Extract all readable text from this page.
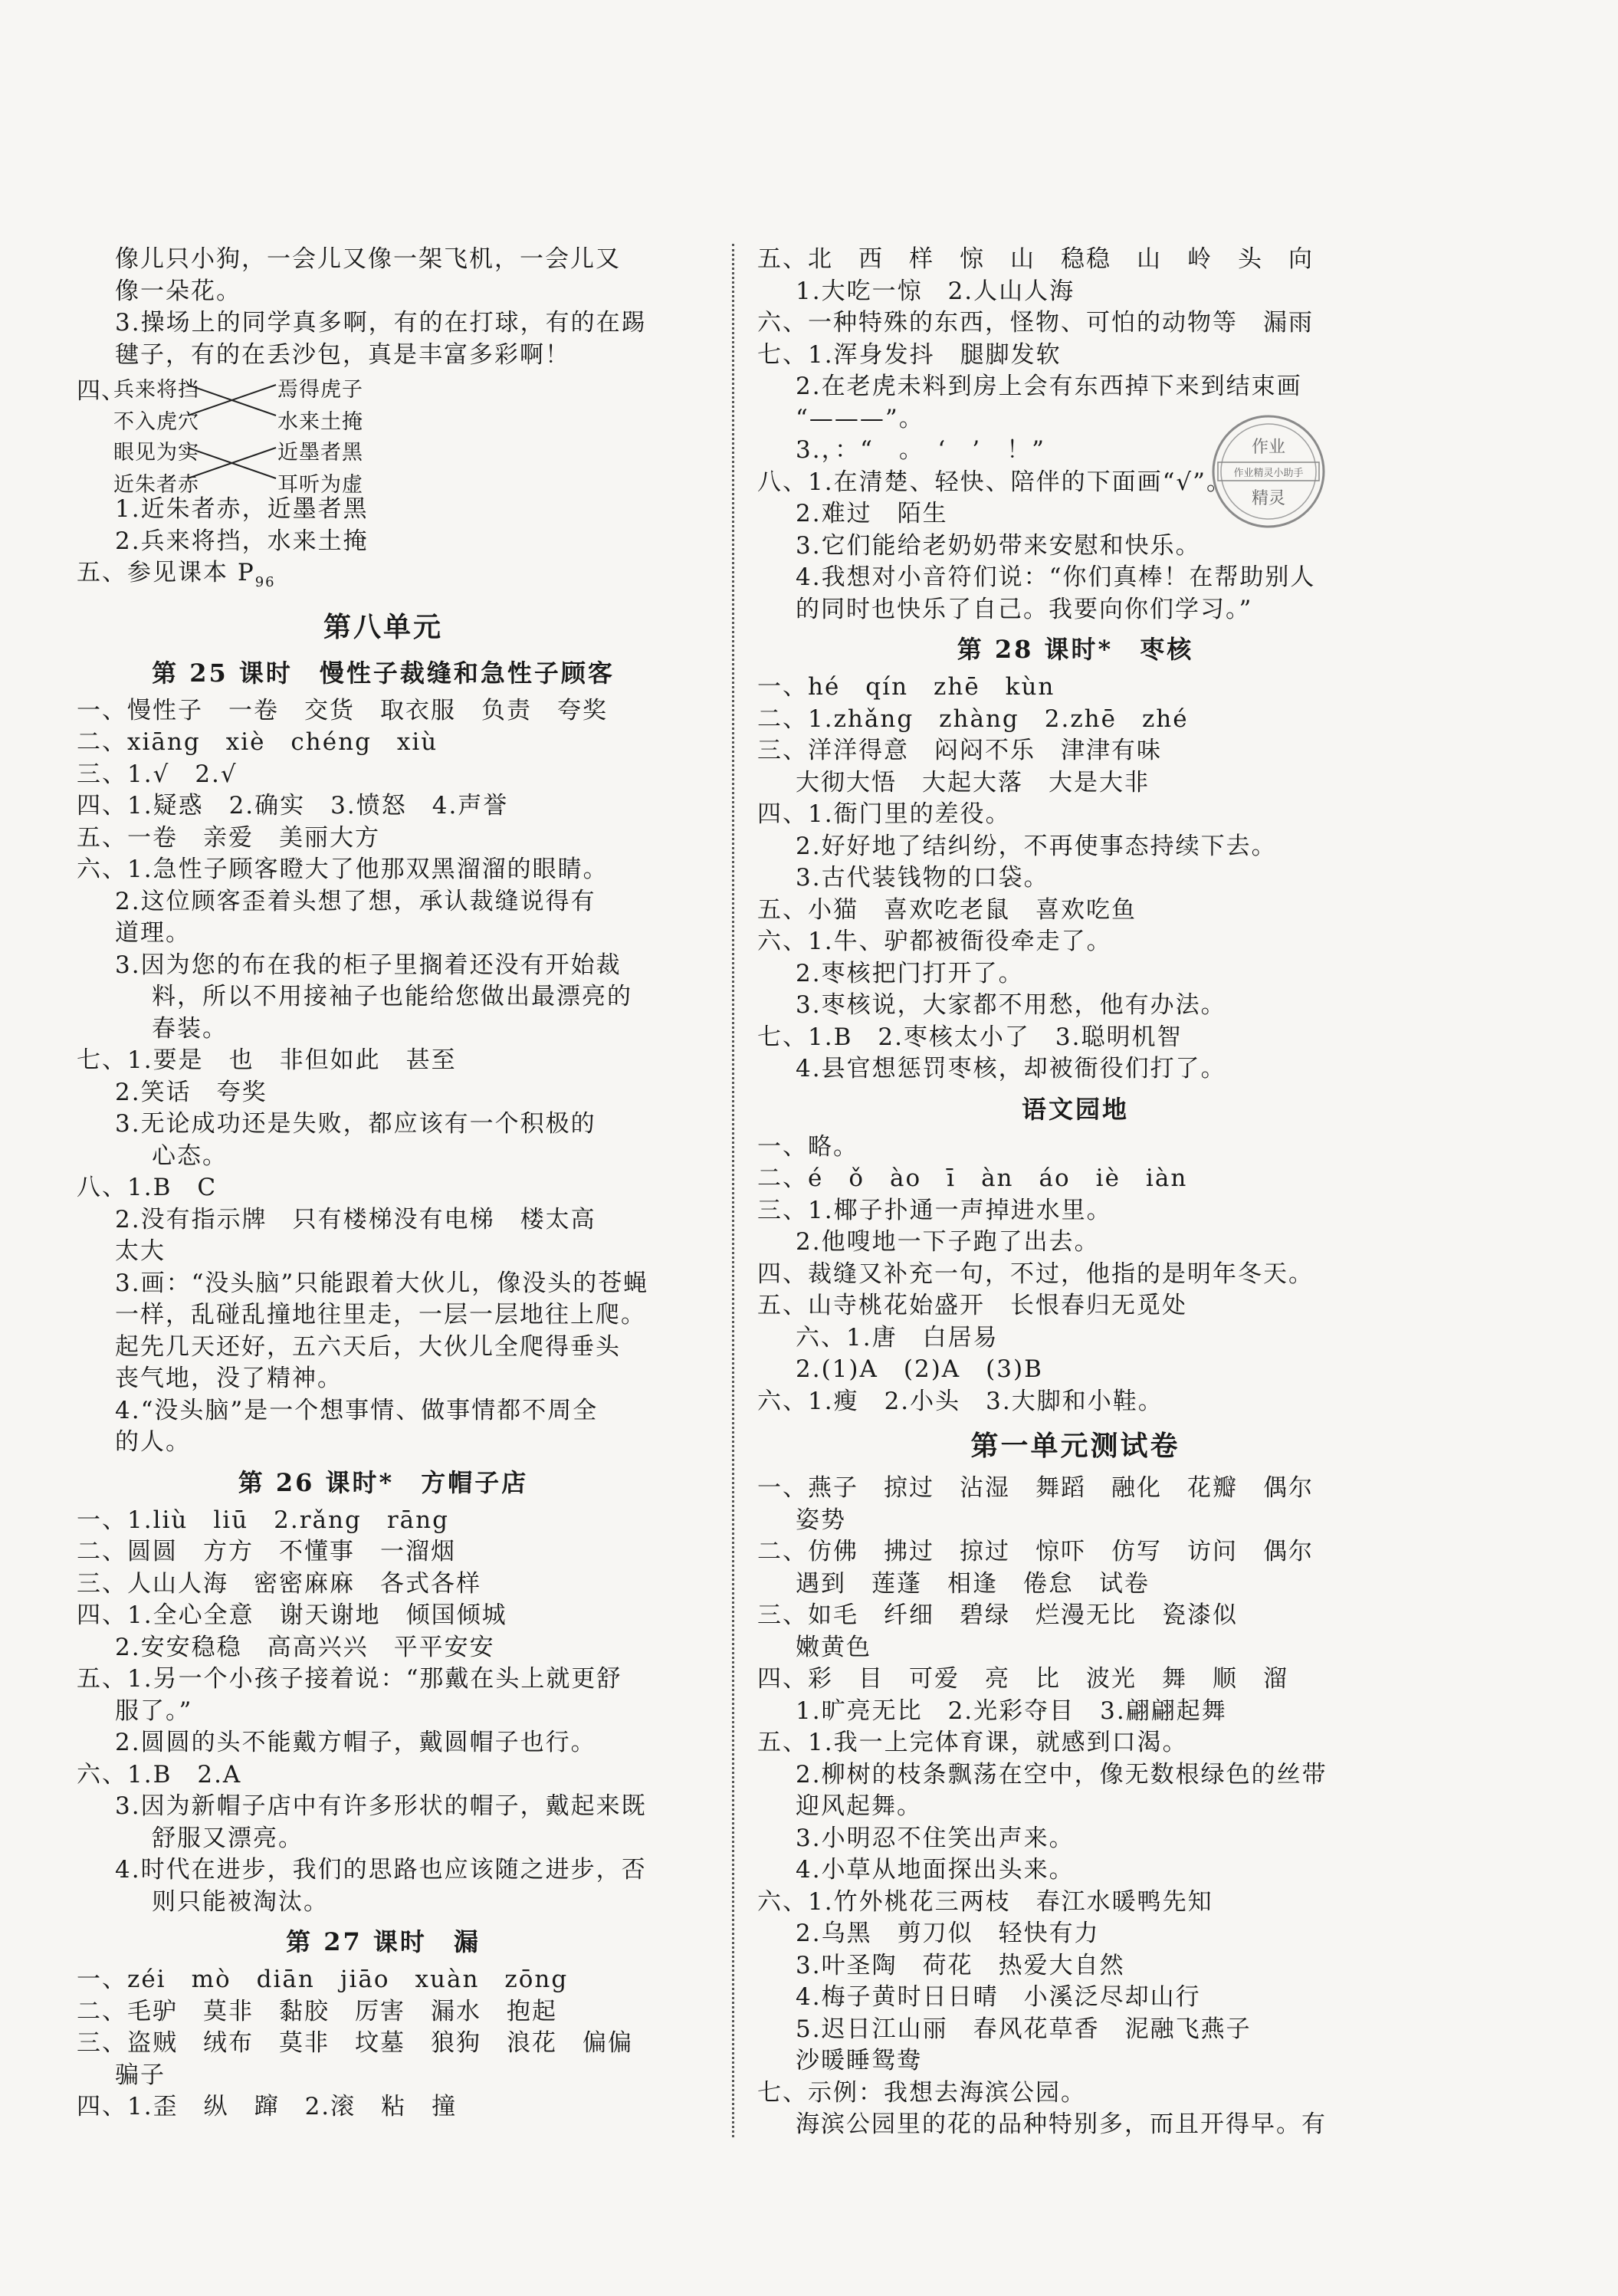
像儿只小狗，一会儿又像一架飞机，一会儿又
像一朵花。
3.操场上的同学真多啊，有的在打球，有的在踢
毽子，有的在丢沙包，真是丰富多彩啊！
四、
兵来将挡
不入虎穴
焉得虎子
水来土掩
眼见为实
近朱者赤
近墨者黑
耳听为虚
1.近朱者赤，近墨者黑
2.兵来将挡，水来土掩
五、参见课本 $P_{96}$
第八单元
第 25 课时　慢性子裁缝和急性子顾客
一、慢性子　一卷　交货　取衣服　负责　夸奖
二、xiāng　xiè　chéng　xiù
三、1.√　2.√
四、1.疑惑　2.确实　3.愤怒　4.声誉
五、一卷　亲爱　美丽大方
六、1.急性子顾客瞪大了他那双黑溜溜的眼睛。
2.这位顾客歪着头想了想，承认裁缝说得有
道理。
3.因为您的布在我的柜子里搁着还没有开始裁
料，所以不用接袖子也能给您做出最漂亮的
春装。
七、1.要是　也　非但如此　甚至
2.笑话　夸奖
3.无论成功还是失败，都应该有一个积极的
心态。
八、1.B　C
2.没有指示牌　只有楼梯没有电梯　楼太高
太大
3.画：“没头脑”只能跟着大伙儿，像没头的苍蝇
一样，乱碰乱撞地往里走，一层一层地往上爬。
起先几天还好，五六天后，大伙儿全爬得垂头
丧气地，没了精神。
4.“没头脑”是一个想事情、做事情都不周全
的人。
第 26 课时*　方帽子店
一、1.liù　liū　2.rǎng　rāng
二、圆圆　方方　不懂事　一溜烟
三、人山人海　密密麻麻　各式各样
四、1.全心全意　谢天谢地　倾国倾城
2.安安稳稳　高高兴兴　平平安安
五、1.另一个小孩子接着说：“那戴在头上就更舒
服了。”
2.圆圆的头不能戴方帽子，戴圆帽子也行。
六、1.B　2.A
3.因为新帽子店中有许多形状的帽子，戴起来既
舒服又漂亮。
4.时代在进步，我们的思路也应该随之进步，否
则只能被淘汰。
第 27 课时　漏
一、zéi　mò　diān　jiāo　xuàn　zōng
二、毛驴　莫非　黏胶　厉害　漏水　抱起
三、盗贼　绒布　莫非　坟墓　狼狗　浪花　偏偏
骗子
四、1.歪　纵　蹿　2.滚　粘　撞
五、北　西　样　惊　山　稳稳　山　岭　头　向
1.大吃一惊　2.人山人海
六、一种特殊的东西，怪物、可怕的动物等　漏雨
七、1.浑身发抖　腿脚发软
2.在老虎未料到房上会有东西掉下来到结束画
“———”。
3.，：“　。　‘　’　！”
八、1.在清楚、轻快、陪伴的下面画“√”。
2.难过　陌生
3.它们能给老奶奶带来安慰和快乐。
4.我想对小音符们说：“你们真棒！在帮助别人
的同时也快乐了自己。我要向你们学习。”
第 28 课时*　枣核
一、hé　qín　zhē　kùn
二、1.zhǎng　zhàng　2.zhē　zhé
三、洋洋得意　闷闷不乐　津津有味
大彻大悟　大起大落　大是大非
四、1.衙门里的差役。
2.好好地了结纠纷，不再使事态持续下去。
3.古代装钱物的口袋。
五、小猫　喜欢吃老鼠　喜欢吃鱼
六、1.牛、驴都被衙役牵走了。
2.枣核把门打开了。
3.枣核说，大家都不用愁，他有办法。
七、1.B　2.枣核太小了　3.聪明机智
4.县官想惩罚枣核，却被衙役们打了。
语文园地
一、略。
二、é　ǒ　ào　ī　àn　áo　iè　iàn
三、1.椰子扑通一声掉进水里。
2.他嗖地一下子跑了出去。
四、裁缝又补充一句，不过，他指的是明年冬天。
五、山寺桃花始盛开　长恨春归无觅处
六、1.唐　白居易
2.(1)A　(2)A　(3)B
六、1.瘦　2.小头　3.大脚和小鞋。
第一单元测试卷
一、燕子　掠过　沾湿　舞蹈　融化　花瓣　偶尔
姿势
二、仿佛　拂过　掠过　惊吓　仿写　访问　偶尔
遇到　莲蓬　相逢　倦怠　试卷
三、如毛　纤细　碧绿　烂漫无比　瓷漆似
嫩黄色
四、彩　目　可爱　亮　比　波光　舞　顺　溜
1.旷亮无比　2.光彩夺目　3.翩翩起舞
五、1.我一上完体育课，就感到口渴。
2.柳树的枝条飘荡在空中，像无数根绿色的丝带
迎风起舞。
3.小明忍不住笑出声来。
4.小草从地面探出头来。
六、1.竹外桃花三两枝　春江水暖鸭先知
2.乌黑　剪刀似　轻快有力
3.叶圣陶　荷花　热爱大自然
4.梅子黄时日日晴　小溪泛尽却山行
5.迟日江山丽　春风花草香　泥融飞燕子
沙暖睡鸳鸯
七、示例：我想去海滨公园。
海滨公园里的花的品种特别多，而且开得早。有
作业
作业精灵小助手
精灵
